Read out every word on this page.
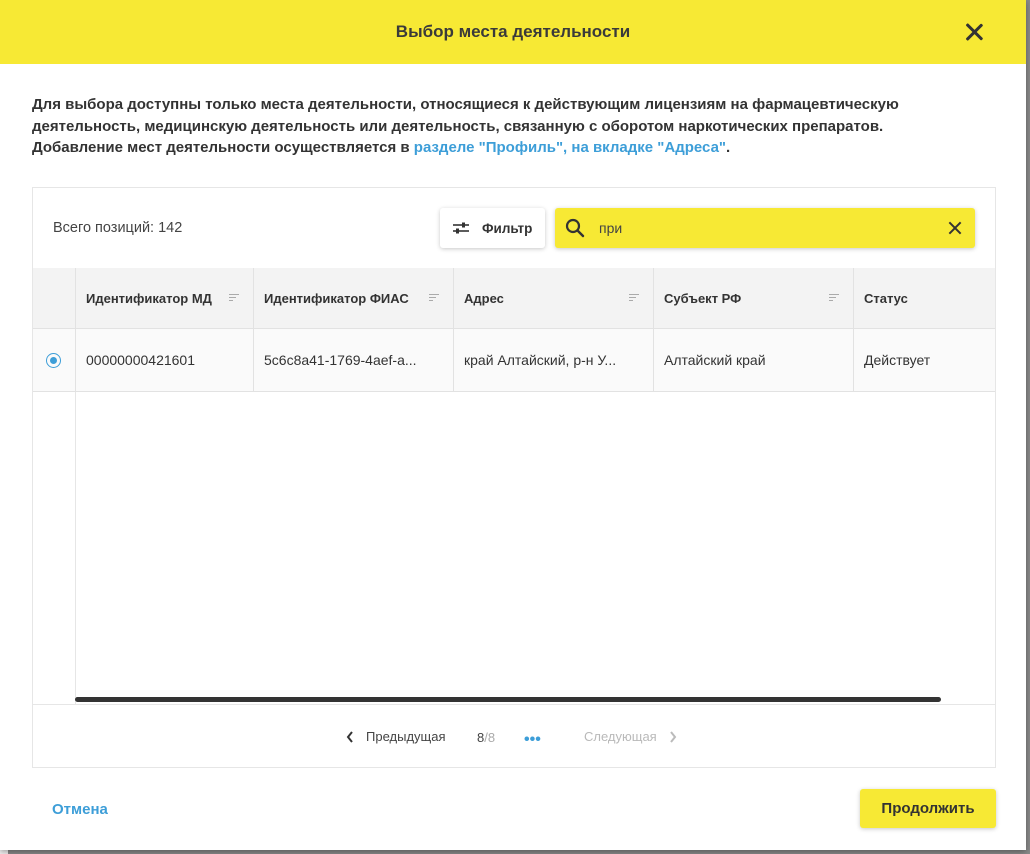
Выбор места деятельности
Для выбора доступны только места деятельности, относящиеся к действующим лицензиям на фармацевтическую
деятельность, медицинскую деятельность или деятельность, связанную с оборотом наркотических препаратов.
Добавление мест деятельности осуществляется в разделе "Профиль", на вкладке "Адреса".
Всего позиций: 142	Фильтр
при
Идентификатор МД	Идентификатор ФИАС	Адрес	Субъект РФ	Статус
00000000421601	5c6c8a41-1769-4aef-a...	край Алтайский, р-н У...	Алтайский край	Действует
Предыдущая 8/8 •••	Следующая
Отмена	Продолжить
